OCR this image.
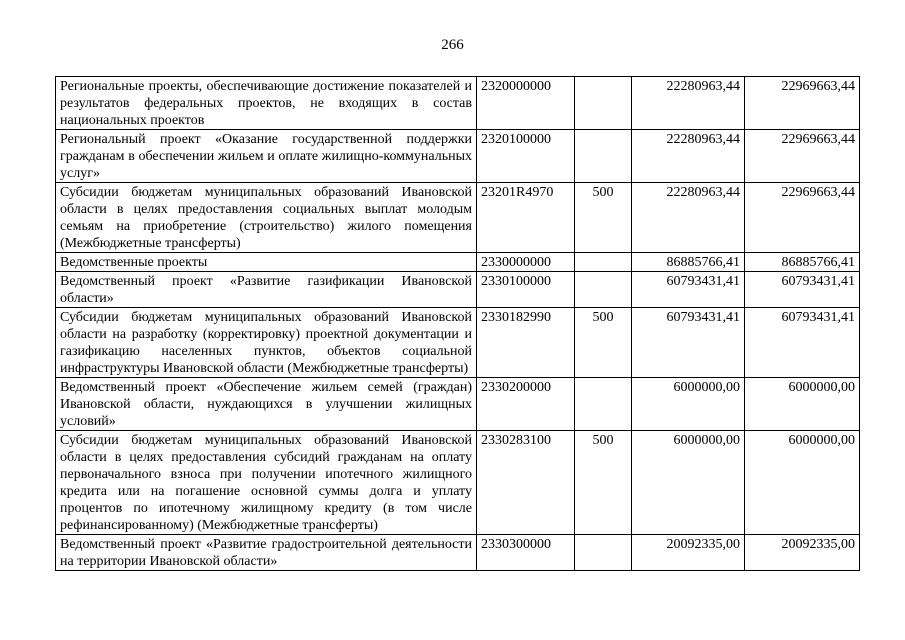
266
Региональные проекты, обеспечивающие достижение показателей и результатов федеральных проектов, не входящих в состав национальных проектов	2320000000		22280963,44	22969663,44
Региональный проект «Оказание государственной поддержки гражданам в обеспечении жильем и оплате жилищно-коммунальных услуг»	2320100000		22280963,44	22969663,44
Субсидии бюджетам муниципальных образований Ивановской области в целях предоставления социальных выплат молодым семьям на приобретение (строительство) жилого помещения (Межбюджетные трансферты)	23201R4970	500	22280963,44	22969663,44
Ведомственные проекты	2330000000		86885766,41	86885766,41
Ведомственный проект «Развитие газификации Ивановской области»	2330100000		60793431,41	60793431,41
Субсидии бюджетам муниципальных образований Ивановской области на разработку (корректировку) проектной документации и газификацию населенных пунктов, объектов социальной инфраструктуры Ивановской области (Межбюджетные трансферты)	2330182990	500	60793431,41	60793431,41
Ведомственный проект «Обеспечение жильем семей (граждан) Ивановской области, нуждающихся в улучшении жилищных условий»	2330200000		6000000,00	6000000,00
Субсидии бюджетам муниципальных образований Ивановской области в целях предоставления субсидий гражданам на оплату первоначального взноса при получении ипотечного жилищного кредита или на погашение основной суммы долга и уплату процентов по ипотечному жилищному кредиту (в том числе рефинансированному) (Межбюджетные трансферты)	2330283100	500	6000000,00	6000000,00
Ведомственный проект «Развитие градостроительной деятельности на территории Ивановской области»	2330300000		20092335,00	20092335,00
